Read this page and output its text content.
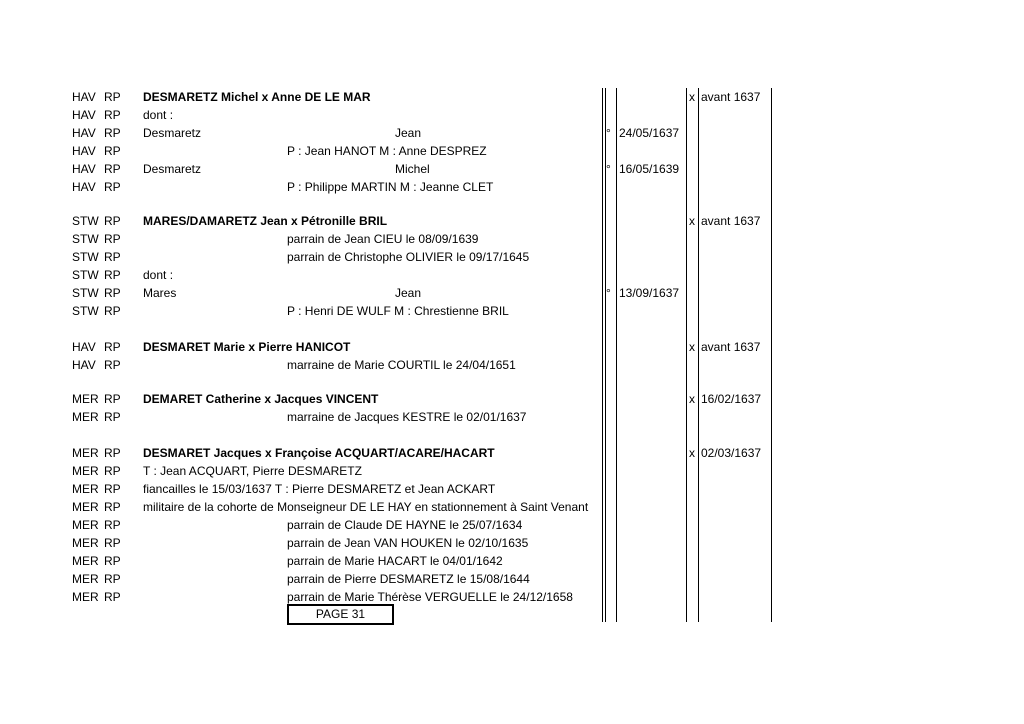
HAV RP DESMARETZ Michel x Anne DE LE MAR	x avant 1637
HAV RP dont :
HAV RP Desmaretz	Jean	° 24/05/1637
HAV RP	P : Jean HANOT M : Anne DESPREZ
HAV RP Desmaretz	Michel	° 16/05/1639
HAV RP	P : Philippe MARTIN M : Jeanne CLET
STW RP MARES/DAMARETZ Jean x Pétronille BRIL	x avant 1637
STW RP	parrain de Jean CIEU le 08/09/1639
STW RP	parrain de Christophe OLIVIER le 09/17/1645
STW RP dont :
STW RP Mares	Jean	° 13/09/1637
STW RP	P : Henri DE WULF M : Chrestienne BRIL
HAV RP DESMARET Marie x Pierre HANICOT	x avant 1637
HAV RP	marraine de Marie COURTIL le 24/04/1651
MER RP DEMARET Catherine x Jacques VINCENT	x 16/02/1637
MER RP	marraine de Jacques KESTRE le 02/01/1637
MER RP DESMARET Jacques x Françoise ACQUART/ACARE/HACART	x 02/03/1637
MER RP T : Jean ACQUART, Pierre DESMARETZ
MER RP fiancailles le 15/03/1637 T : Pierre DESMARETZ et Jean ACKART
MER RP militaire de la cohorte de Monseigneur DE LE HAY en stationnement à Saint Venant
MER RP	parrain de Claude DE HAYNE le 25/07/1634
MER RP	parrain de Jean VAN HOUKEN le 02/10/1635
MER RP	parrain de Marie HACART le 04/01/1642
MER RP	parrain de Pierre DESMARETZ le 15/08/1644
MER RP	parrain de Marie Thérèse VERGUELLE le 24/12/1658
PAGE 31
